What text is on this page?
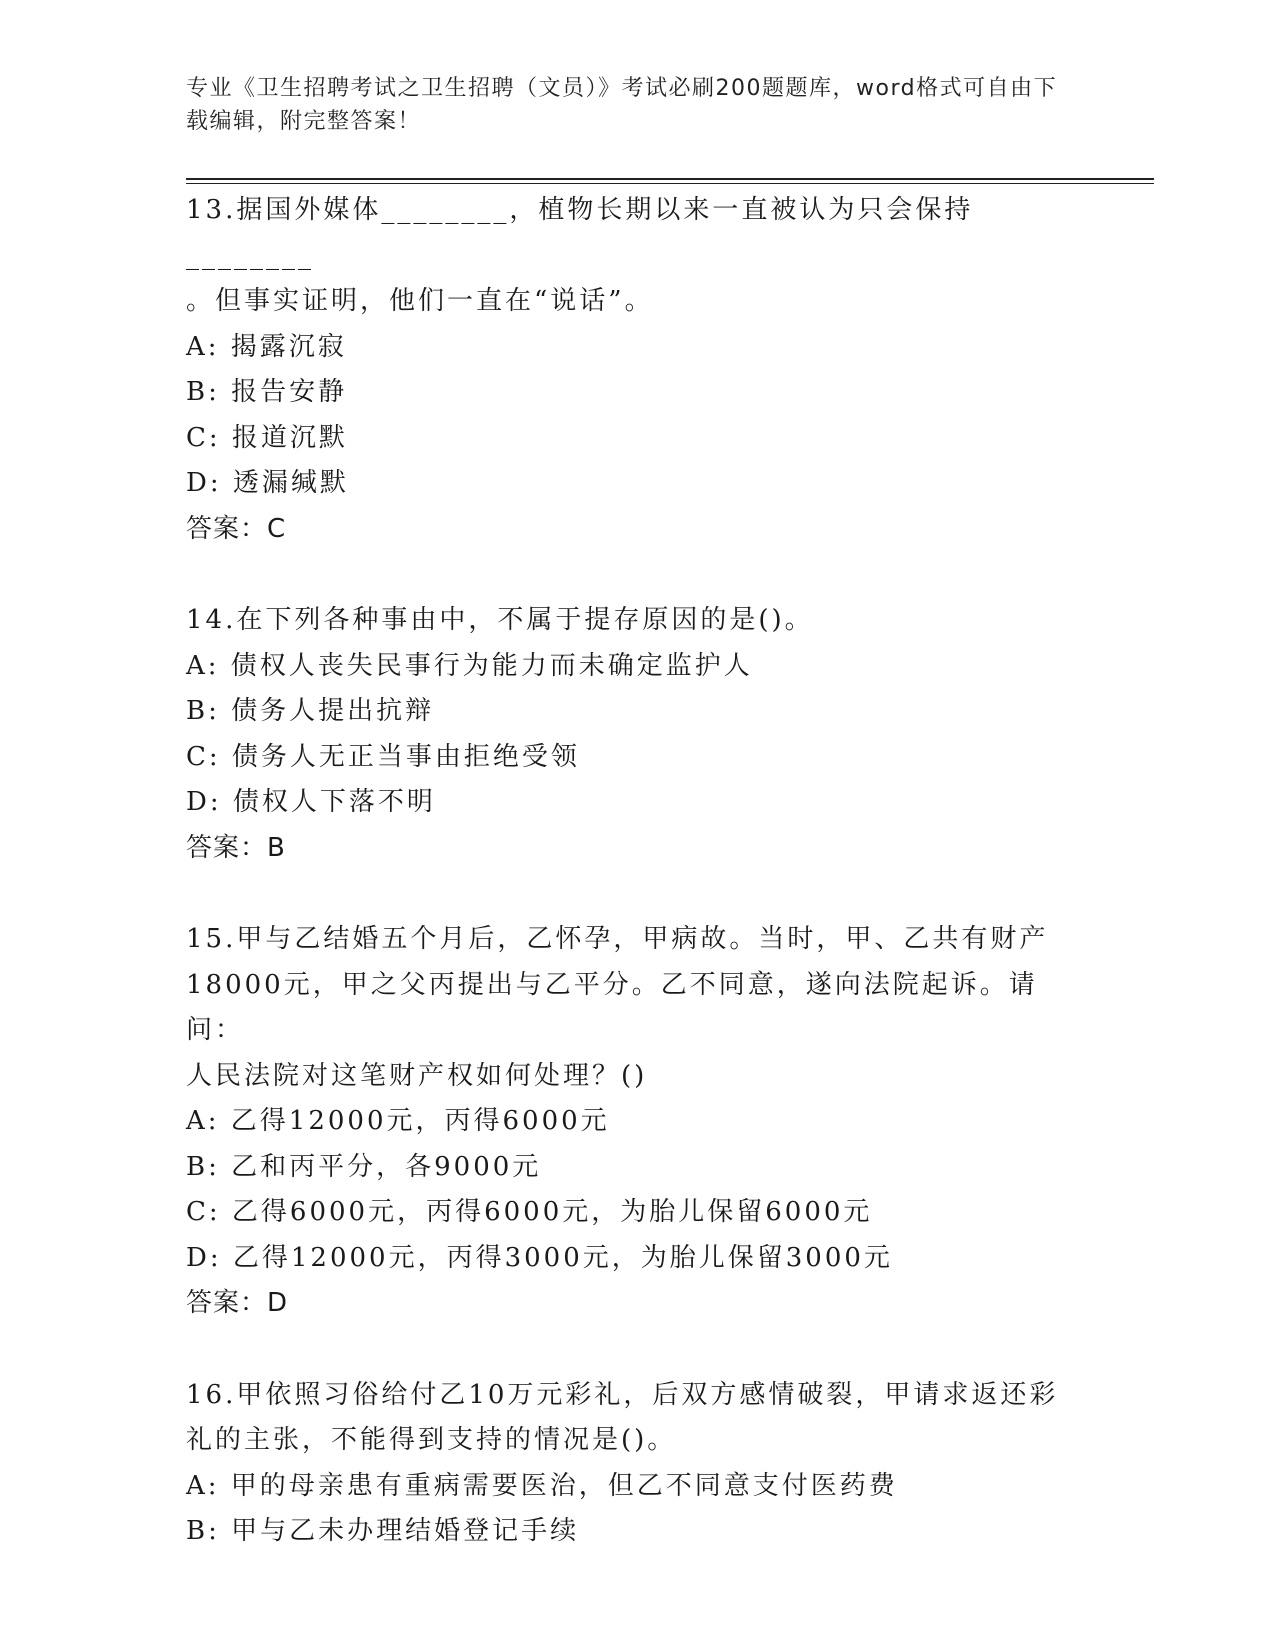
专业《卫生招聘考试之卫生招聘（文员）》考试必刷200题题库，word格式可自由下载编辑，附完整答案！
13.据国外媒体________，植物长期以来一直被认为只会保持________
。但事实证明，他们一直在“说话”。
A: 揭露沉寂
B: 报告安静
C: 报道沉默
D: 透漏缄默
答案：C
14.在下列各种事由中，不属于提存原因的是()。
A: 债权人丧失民事行为能力而未确定监护人
B: 债务人提出抗辩
C: 债务人无正当事由拒绝受领
D: 债权人下落不明
答案：B
15.甲与乙结婚五个月后，乙怀孕，甲病故。当时，甲、乙共有财产
18000元，甲之父丙提出与乙平分。乙不同意，遂向法院起诉。请问：
人民法院对这笔财产权如何处理？()
A: 乙得12000元，丙得6000元
B: 乙和丙平分，各9000元
C: 乙得6000元，丙得6000元，为胎儿保留6000元
D: 乙得12000元，丙得3000元，为胎儿保留3000元
答案：D
16.甲依照习俗给付乙10万元彩礼，后双方感情破裂，甲请求返还彩
礼的主张，不能得到支持的情况是()。
A: 甲的母亲患有重病需要医治，但乙不同意支付医药费
B: 甲与乙未办理结婚登记手续
